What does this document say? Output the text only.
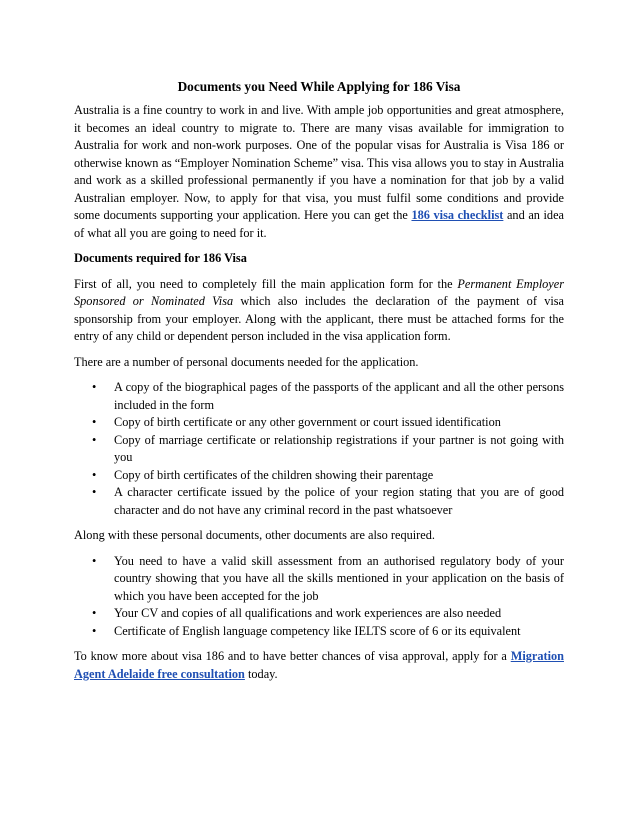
Documents you Need While Applying for 186 Visa

Australia is a fine country to work in and live. With ample job opportunities and great atmosphere, it becomes an ideal country to migrate to. There are many visas available for immigration to Australia for work and non-work purposes. One of the popular visas for Australia is Visa 186 or otherwise known as “Employer Nomination Scheme” visa. This visa allows you to stay in Australia and work as a skilled professional permanently if you have a nomination for that job by a valid Australian employer. Now, to apply for that visa, you must fulfil some conditions and provide some documents supporting your application. Here you can get the 186 visa checklist and an idea of what all you are going to need for it.

Documents required for 186 Visa

First of all, you need to completely fill the main application form for the Permanent Employer Sponsored or Nominated Visa which also includes the declaration of the payment of visa sponsorship from your employer. Along with the applicant, there must be attached forms for the entry of any child or dependent person included in the visa application form.

There are a number of personal documents needed for the application.

• A copy of the biographical pages of the passports of the applicant and all the other persons included in the form
• Copy of birth certificate or any other government or court issued identification
• Copy of marriage certificate or relationship registrations if your partner is not going with you
• Copy of birth certificates of the children showing their parentage
• A character certificate issued by the police of your region stating that you are of good character and do not have any criminal record in the past whatsoever

Along with these personal documents, other documents are also required.

• You need to have a valid skill assessment from an authorised regulatory body of your country showing that you have all the skills mentioned in your application on the basis of which you have been accepted for the job
• Your CV and copies of all qualifications and work experiences are also needed
• Certificate of English language competency like IELTS score of 6 or its equivalent

To know more about visa 186 and to have better chances of visa approval, apply for a Migration Agent Adelaide free consultation today.
